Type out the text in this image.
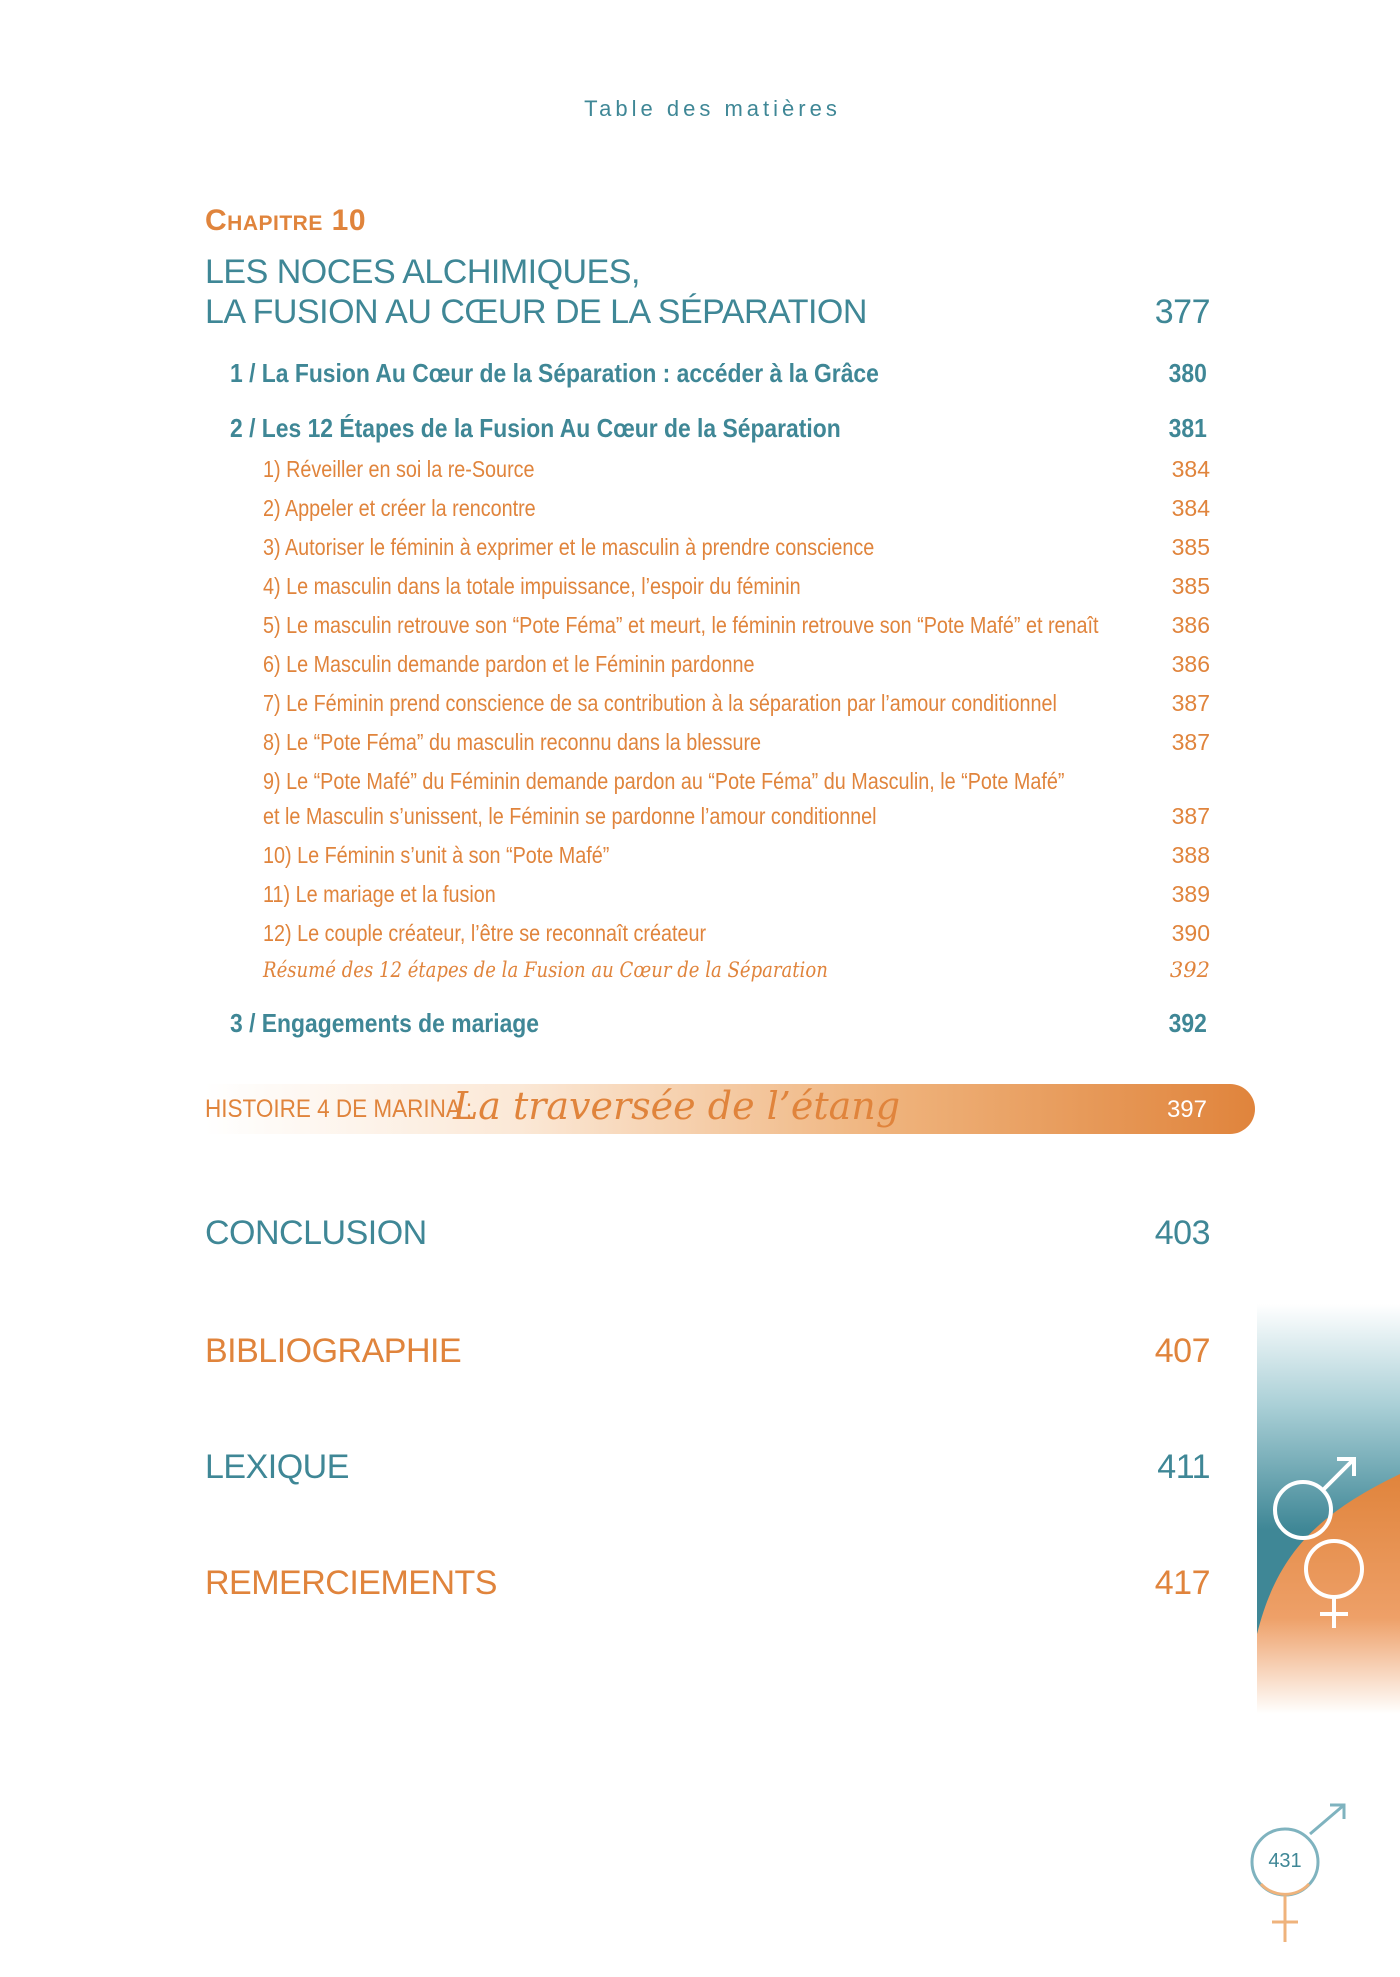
Table des matières
Chapitre 10
LES NOCES ALCHIMIQUES,
LA FUSION AU CŒUR DE LA SÉPARATION	377
1 / La Fusion Au Cœur de la Séparation : accéder à la Grâce	380
2 / Les 12 Étapes de la Fusion Au Cœur de la Séparation	381
1) Réveiller en soi la re-Source	384
2) Appeler et créer la rencontre	384
3) Autoriser le féminin à exprimer et le masculin à prendre conscience	385
4) Le masculin dans la totale impuissance, l’espoir du féminin	385
5) Le masculin retrouve son “Pote Féma” et meurt, le féminin retrouve son “Pote Mafé” et renaît	386
6) Le Masculin demande pardon et le Féminin pardonne	386
7) Le Féminin prend conscience de sa contribution à la séparation par l’amour conditionnel	387
8) Le “Pote Féma” du masculin reconnu dans la blessure	387
9) Le “Pote Mafé” du Féminin demande pardon au “Pote Féma” du Masculin, le “Pote Mafé”
et le Masculin s’unissent, le Féminin se pardonne l’amour conditionnel	387
10) Le Féminin s’unit à son “Pote Mafé”	388
11) Le mariage et la fusion	389
12) Le couple créateur, l’être se reconnaît créateur	390
Résumé des 12 étapes de la Fusion au Cœur de la Séparation	392
3 / Engagements de mariage	392
HISTOIRE 4 DE MARINA :
La traversée de l’étang	397
CONCLUSION	403
BIBLIOGRAPHIE	407
LEXIQUE	411
REMERCIEMENTS	417
431
